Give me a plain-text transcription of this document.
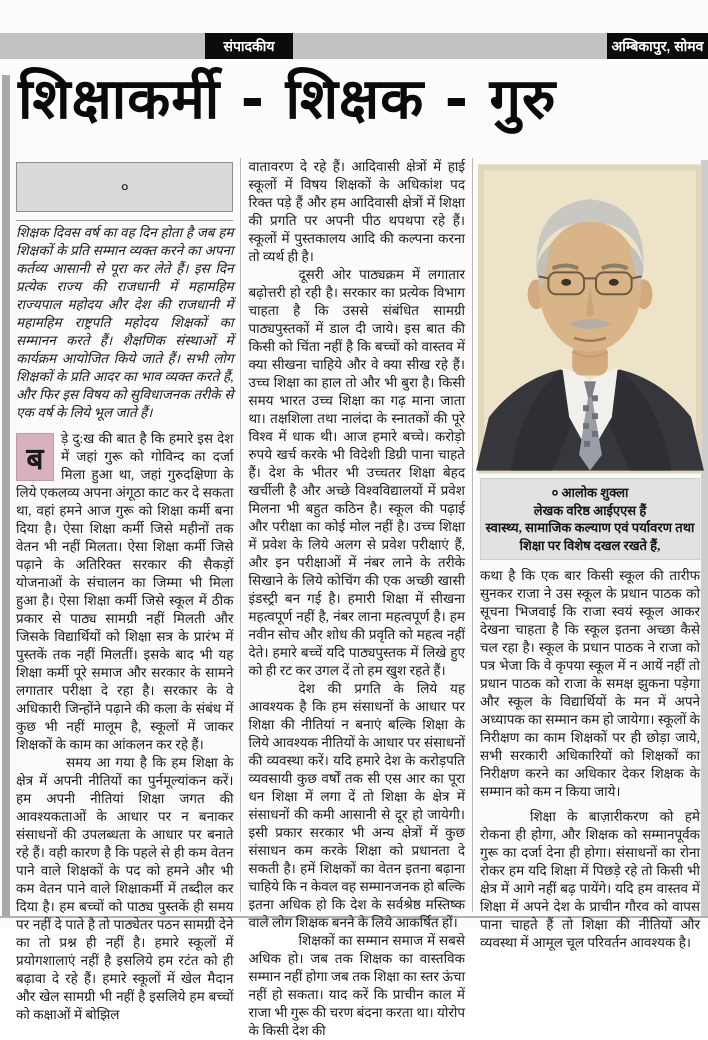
संपादकीय	अम्बिकापुर, सोमव
शिक्षाकर्मी - शिक्षक - गुरु
०

शिक्षक दिवस वर्ष का वह दिन होता है जब हम शिक्षकों के प्रति सम्मान व्यक्त करने का अपना कर्तव्य आसानी से पूरा कर लेते हैं। इस दिन प्रत्येक राज्य की राजधानी में महामहिम राज्यपाल महोदय और देश की राजधानी में महामहिम राष्ट्रपति महोदय शिक्षकों का सम्मानन करते हैं। शैक्षणिक संस्थाओं में कार्यक्रम आयोजित किये जाते हैं। सभी लोग शिक्षकों के प्रति आदर का भाव व्यक्त करते हैं, और फिर इस विषय को सुविधाजनक तरीके से एक वर्ष के लिये भूल जाते हैं।

ब

ड़े दु:ख की बात है कि हमारे इस देश में जहां गुरू को गोविन्द का दर्जा मिला हुआ था, जहां गुरुदक्षिणा के लिये एकलव्य अपना अंगूठा काट कर दे सकता था, वहां हमने आज गुरू को शिक्षा कर्मी बना दिया है। ऐसा शिक्षा कर्मी जिसे महीनों तक वेतन भी नहीं मिलता। ऐसा शिक्षा कर्मी जिसे पढ़ाने के अतिरिक्त सरकार की सैकड़ों योजनाओं के संचालन का जिम्मा भी मिला हुआ है। ऐसा शिक्षा कर्मी जिसे स्कूल में ठीक प्रकार से पाठ्य सामग्री नहीं मिलती और जिसके विद्यार्थियों को शिक्षा सत्र के प्रारंभ में पुस्तकें तक नहीं मिलतीं। इसके बाद भी यह शिक्षा कर्मी पूरे समाज और सरकार के सामने लगातार परीक्षा दे रहा है। सरकार के वे अधिकारी जिन्होंने पढ़ाने की कला के संबंध में कुछ भी नहीं मालूम है, स्कूलों में जाकर शिक्षकों के काम का आंकलन कर रहे हैं।

समय आ गया है कि हम शिक्षा के क्षेत्र में अपनी नीतियों का पुर्नमूल्यांकन करें। हम अपनी नीतियां शिक्षा जगत की आवश्यकताओं के आधार पर न बनाकर संसाधनों की उपलब्धता के आधार पर बनाते रहे हैं। वही कारण है कि पहले से ही कम वेतन पाने वाले शिक्षकों के पद को हमने और भी कम वेतन पाने वाले शिक्षाकर्मी में तब्दील कर दिया है। हम बच्चों को पाठ्य पुस्तकें ही समय पर नहीं दे पाते है तो पाठ्येतर पठन सामग्री देने का तो प्रश्न ही नहीं है। हमारे स्कूलों में प्रयोगशालाएं नहीं है इसलिये हम रटंत को ही बढ़ावा दे रहे हैं। हमारे स्कूलों में खेल मैदान और खेल सामग्री भी नहीं है इसलिये हम बच्चों को कक्षाओं में बोझिल

वातावरण दे रहे हैं। आदिवासी क्षेत्रों में हाई स्कूलों में विषय शिक्षकों के अधिकांश पद रिक्त पड़े हैं और हम आदिवासी क्षेत्रों में शिक्षा की प्रगति पर अपनी पीठ थपथपा रहे हैं। स्कूलों में पुस्तकालय आदि की कल्पना करना तो व्यर्थ ही है।

दूसरी ओर पाठ्यक्रम में लगातार बढ़ोत्तरी हो रही है। सरकार का प्रत्येक विभाग चाहता है कि उससे संबंधित सामग्री पाठ्यपुस्तकों में डाल दी जाये। इस बात की किसी को चिंता नहीं है कि बच्चों को वास्तव में क्या सीखना चाहिये और वे क्या सीख रहे हैं। उच्च शिक्षा का हाल तो और भी बुरा है। किसी समय भारत उच्च शिक्षा का गढ़ माना जाता था। तक्षशिला तथा नालंदा के स्नातकों की पूरे विश्व में धाक थी। आज हमारे बच्चे। करोड़ो रुपये खर्च करके भी विदेशी डिग्री पाना चाहते हैं। देश के भीतर भी उच्चतर शिक्षा बेहद खर्चीली है और अच्छे विश्वविद्यालयों में प्रवेश मिलना भी बहुत कठिन है। स्कूल की पढ़ाई और परीक्षा का कोई मोल नहीं है। उच्च शिक्षा में प्रवेश के लिये अलग से प्रवेश परीक्षाएं हैं, और इन परीक्षाओं में नंबर लाने के तरीके सिखाने के लिये कोचिंग की एक अच्छी खासी इंडस्ट्री बन गई है। हमारी शिक्षा में सीखना महत्वपूर्ण नहीं है, नंबर लाना महत्वपूर्ण है। हम नवीन सोच और शोध की प्रवृति को महत्व नहीं देते। हमारे बच्चें यदि पाठ्यपुस्तक में लिखे हुए को ही रट कर उगल दें तो हम खुश रहते हैं।

देश की प्रगति के लिये यह आवश्यक है कि हम संसाधनों के आधार पर शिक्षा की नीतियां न बनाएं बल्कि शिक्षा के लिये आवश्यक नीतियों के आधार पर संसाधनों की व्यवस्था करें। यदि हमारे देश के करोड़पति व्यवसायी कुछ वर्षों तक सी एस आर का पूरा धन शिक्षा में लगा दें तो शिक्षा के क्षेत्र में संसाधनों की कमी आसानी से दूर हो जायेगी। इसी प्रकार सरकार भी अन्य क्षेत्रों में कुछ संसाधन कम करके शिक्षा को प्रधानता दे सकती है। हमें शिक्षकों का वेतन इतना बढ़ाना चाहिये कि न केवल वह सम्मानजनक हो बल्कि इतना अधिक हो कि देश के सर्वश्रेष्ठ मस्तिष्क वाले लोग शिक्षक बनने के लिये आकर्षित हों।

शिक्षकों का सम्मान समाज में सबसे अधिक हो। जब तक शिक्षक का वास्तविक सम्मान नहीं होगा जब तक शिक्षा का स्तर ऊंचा नहीं हो सकता। याद करें कि प्राचीन काल में राजा भी गुरू की चरण बंदना करता था। योरोप के किसी देश की

० आलोक शुक्ला
लेखक वरिष्ठ आईएएस हैं
स्वास्थ्य, सामाजिक कल्याण एवं पर्यावरण तथा
शिक्षा पर विशेष दखल रखते हैं,

कथा है कि एक बार किसी स्कूल की तारीफ सुनकर राजा ने उस स्कूल के प्रधान पाठक को सूचना भिजवाई कि राजा स्वयं स्कूल आकर देखना चाहता है कि स्कूल इतना अच्छा कैसे चल रहा है। स्कूल के प्रधान पाठक ने राजा को पत्र भेजा कि वे कृपया स्कूल में न आयें नहीं तो प्रधान पाठक को राजा के समक्ष झुकना पड़ेगा और स्कूल के विद्यार्थियों के मन में अपने अध्यापक का सम्मान कम हो जायेगा। स्कूलों के निरीक्षण का काम शिक्षकों पर ही छोड़ा जाये, सभी सरकारी अधिकारियों को शिक्षकों का निरीक्षण करने का अधिकार देकर शिक्षक के सम्मान को कम न किया जाये।

शिक्षा के बाज़ारीकरण को हमे रोकना ही होगा, और शिक्षक को सम्मानपूर्वक गुरू का दर्जा देना ही होगा। संसाधनों का रोना रोकर हम यदि शिक्षा में पिछड़े रहे तो किसी भी क्षेत्र में आगे नहीं बढ़ पायेंगे। यदि हम वास्तव में शिक्षा में अपने देश के प्राचीन गौरव को वापस पाना चाहते हैं तो शिक्षा की नीतियों और व्यवस्था में आमूल चूल परिवर्तन आवश्यक है।
